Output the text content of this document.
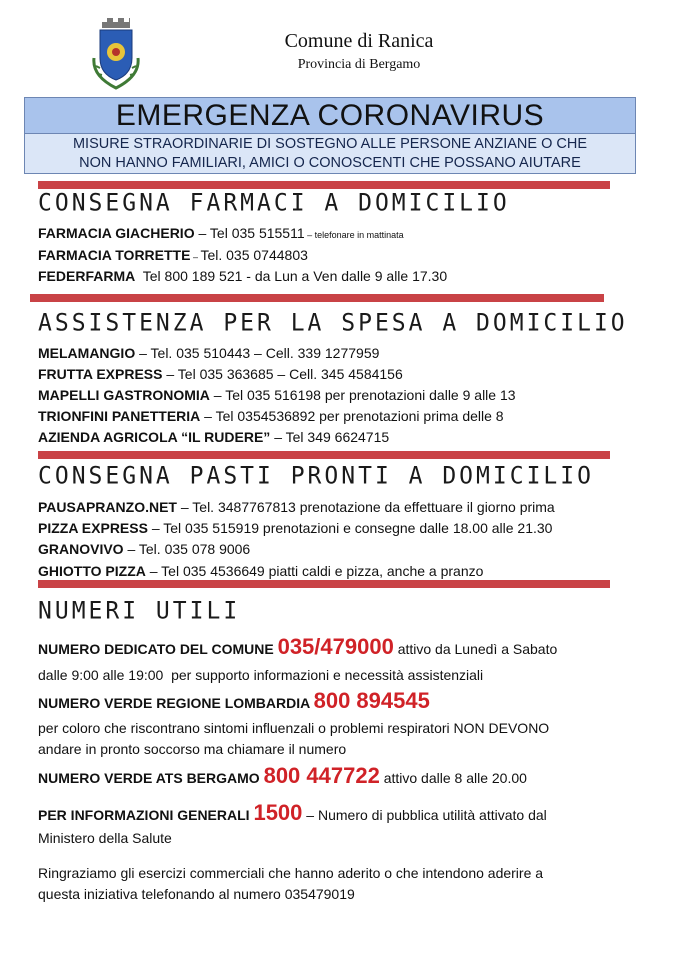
Comune di Ranica
Provincia di Bergamo
EMERGENZA CORONAVIRUS
MISURE STRAORDINARIE DI SOSTEGNO ALLE PERSONE ANZIANE O CHE
NON HANNO FAMILIARI, AMICI O CONOSCENTI CHE POSSANO AIUTARE
CONSEGNA FARMACI A DOMICILIO
FARMACIA GIACHERIO – Tel 035 515511 – telefonare in mattinata
FARMACIA TORRETTE – Tel. 035 0744803
FEDERFARMA Tel 800 189 521 - da Lun a Ven dalle 9 alle 17.30
ASSISTENZA PER LA SPESA A DOMICILIO
MELAMANGIO – Tel. 035 510443 – Cell. 339 1277959
FRUTTA EXPRESS – Tel 035 363685 – Cell. 345 4584156
MAPELLI GASTRONOMIA – Tel 035 516198 per prenotazioni dalle 9 alle 13
TRIONFINI PANETTERIA – Tel 0354536892 per prenotazioni prima delle 8
AZIENDA AGRICOLA “IL RUDERE” – Tel 349 6624715
CONSEGNA PASTI PRONTI A DOMICILIO
PAUSAPRANZO.NET – Tel. 3487767813 prenotazione da effettuare il giorno prima
PIZZA EXPRESS – Tel 035 515919 prenotazioni e consegne dalle 18.00 alle 21.30
GRANOVIVO – Tel. 035 078 9006
GHIOTTO PIZZA – Tel 035 4536649 piatti caldi e pizza, anche a pranzo
NUMERI UTILI
NUMERO DEDICATO DEL COMUNE 035/479000 attivo da Lunedì a Sabato
dalle 9:00 alle 19:00  per supporto informazioni e necessità assistenziali
NUMERO VERDE REGIONE LOMBARDIA 800 894545
per coloro che riscontrano sintomi influenzali o problemi respiratori NON DEVONO
andare in pronto soccorso ma chiamare il numero
NUMERO VERDE ATS BERGAMO 800 447722 attivo dalle 8 alle 20.00
PER INFORMAZIONI GENERALI 1500 – Numero di pubblica utilità attivato dal
Ministero della Salute
Ringraziamo gli esercizi commerciali che hanno aderito o che intendono aderire a
questa iniziativa telefonando al numero 035479019
